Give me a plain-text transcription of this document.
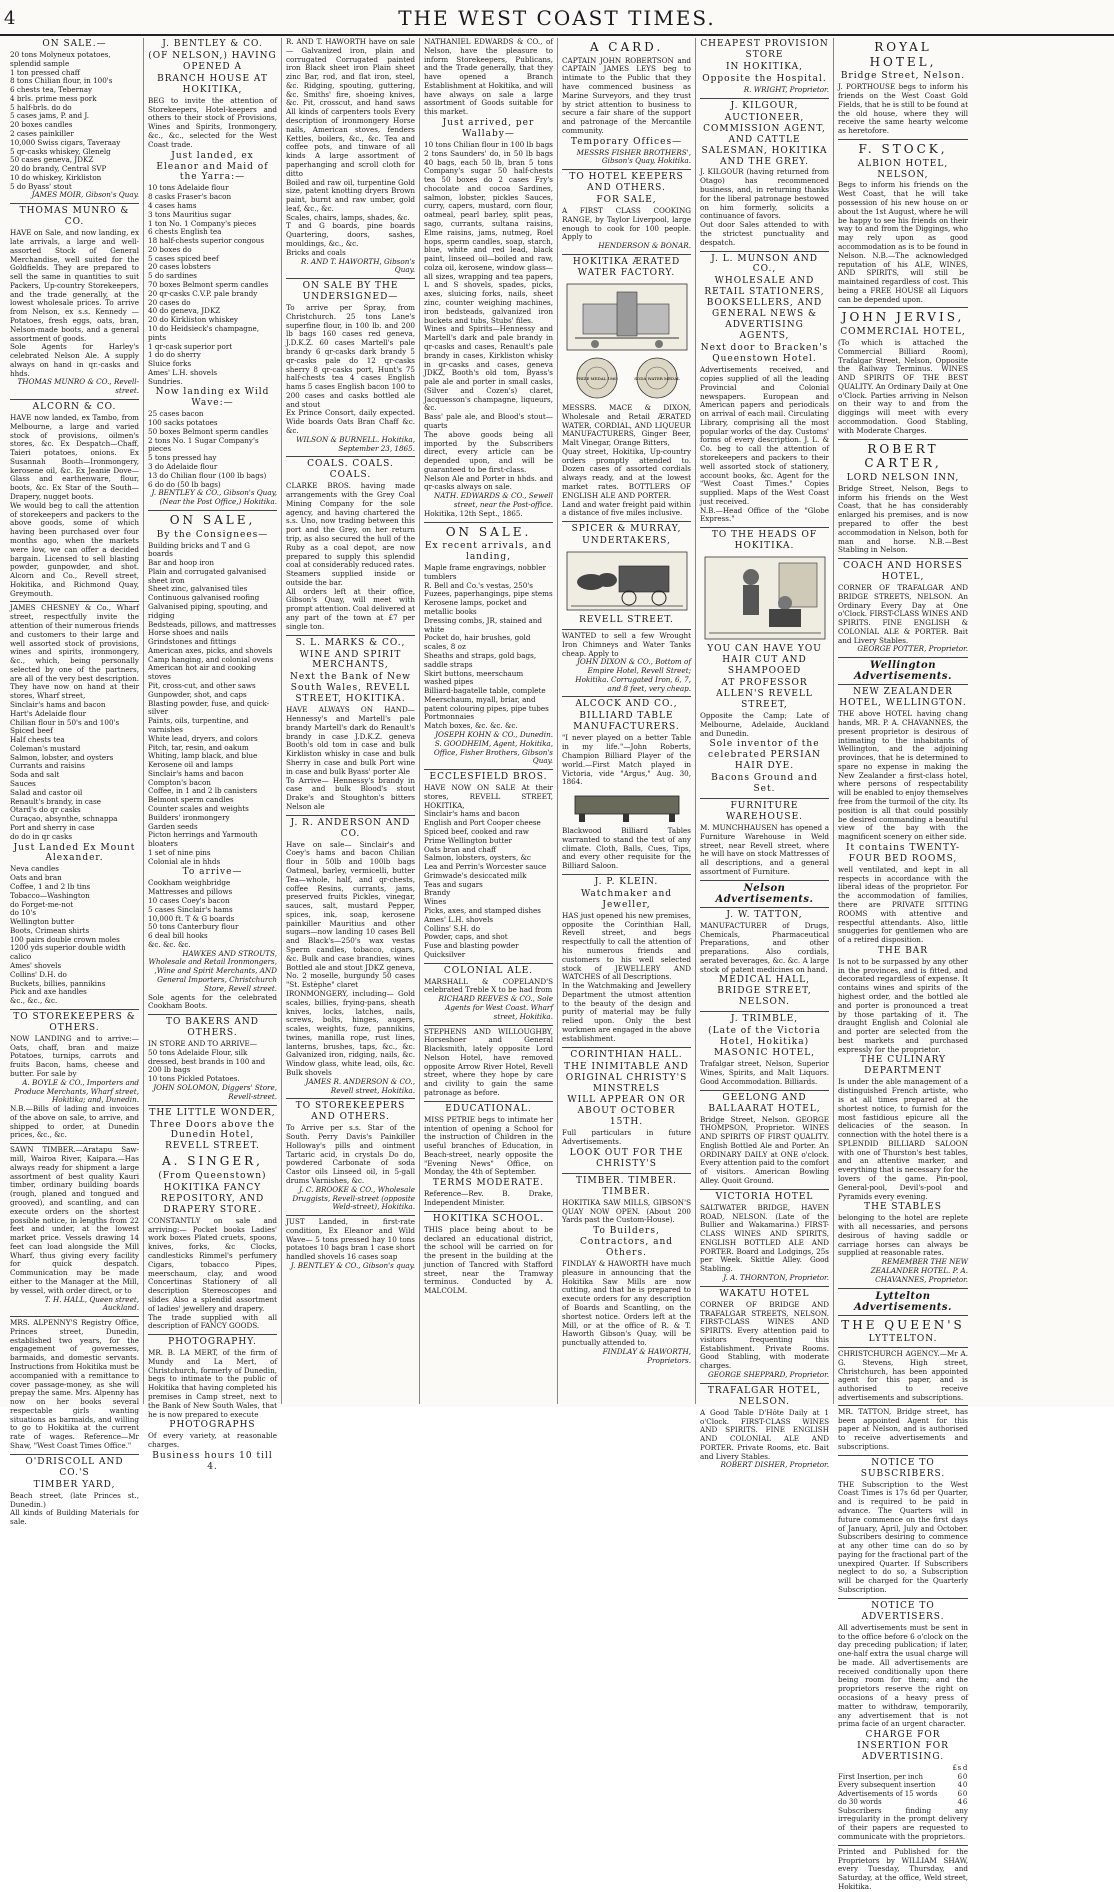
4	THE WEST COAST TIMES.
ON SALE.—
20 tons Molyneux potatoes, splendid sample
1 ton pressed chaff
8 tons Chilian flour, in 100's
6 chests tea, Tebernay
4 brls. prime mess pork
5 half-brls. do do
5 cases jams, P. and J.
20 boxes candles
2 cases painkiller
10,000 Swiss cigars, Taveraay
5 qr-casks whiskey, Glenelg
50 cases geneva, JDKZ
20 do brandy, Central SVP
10 do whiskey, Kirkliston
5 do Byass' stout

JAMES MOIR, Gibson's Quay.

THOMAS MUNRO & CO.

HAVE on Sale, and now landing, ex late arrivals, a large and well-assorted Stock of General Merchandise, well suited for the Goldfields. They are prepared to sell the same in quantities to suit Packers, Up-country Storekeepers, and the trade generally, at the lowest wholesale prices. To arrive from Nelson, ex s.s. Kennedy —Potatoes, fresh eggs, oats, bran, Nelson-made boots, and a general assortment of goods.

Sole Agents for Harley's celebrated Nelson Ale. A supply always on hand in qr.-casks and hhds.

THOMAS MUNRO & CO., Revell-street.

ALCORN & CO.

HAVE now landed, ex Tambo, from Melbourne, a large and varied stock of provisions, oilmen's stores, &c. Ex Despatch—Chaff, Taieri potatoes, onions. Ex Susannah Booth—Ironmongery, kerosene oil, &c. Ex Jeanie Dove—Glass and earthenware, flour, boots, &c. Ex Star of the South—Drapery, nugget boots.

We would beg to call the attention of storekeepers and packers to the above goods, some of which having been purchased over four months ago, when the markets were low, we can offer a decided bargain. Licensed to sell blasting powder, gunpowder, and shot. Alcorn and Co., Revell street, Hokitika, and Richmond Quay, Greymouth.

JAMES CHESNEY & Co., Wharf street, respectfully invite the attention of their numerous friends and customers to their large and well assorted stock of provisions, wines and spirits, ironmongery, &c., which, being personally selected by one of the partners, are all of the very best description. They have now on hand at their stores, Wharf street,

Sinclair's hams and bacon
Hart's Adelaide flour
Chilian flour in 50's and 100's
Spiced beef
Half chests tea
Coleman's mustard
Salmon, lobster, and oysters
Currants and raisins
Soda and salt
Sauces
Salad and castor oil
Renault's brandy, in case
Otard's do qr casks
Curaçao, absynthe, schnappa
Port and sherry in case
do do in qr casks
Just Landed Ex Mount Alexander.
Neva candles
Oats and bran
Coffee, 1 and 2 lb tins
Tobacco—Washington
do Forget-me-not
do 10's
Wellington butter
Boots, Crimean shirts
100 pairs double crown moles
1200 yds superior double width calico
Ames' shovels
Collins' D.H. do
Buckets, billies, pannikins
Pick and axe handles
&c., &c., &c.
TO STOREKEEPERS & OTHERS.

NOW LANDING and to arrive:— Oats, chaff, bran and maize Potatoes, turnips, carrots and fruits Bacon, hams, cheese and butter. For sale by

A. BOYLE & CO., Importers and Produce Merchants, Wharf street, Hokitika; and, Dunedin.

N.B.—Bills of lading and invoices of the above on sale, to arrive, and shipped to order, at Dunedin prices, &c., &c.

SAWN TIMBER.—Aratapu Saw-mill, Wairoa River, Kaipara.—Has always ready for shipment a large assortment of best quality Kauri timber, ordinary building boards (rough, planed and tongued and grooved), and scantling, and can execute orders on the shortest possible notice, in lengths from 22 feet and under, at the lowest market price. Vessels drawing 14 feet can load alongside the Mill Wharf, thus giving every facility for quick despatch. Communication may be made either to the Manager at the Mill, by vessel, with order direct, or to

T. H. HALL, Queen street, Auckland.

MRS. ALPENNY'S Registry Office, Princes street, Dunedin, established two years, for the engagement of governesses, barmaids, and domestic servants. Instructions from Hokitika must be accompanied with a remittance to cover passage-money, as she will prepay the same. Mrs. Alpenny has now on her books several respectable girls wanting situations as barmaids, and willing to go to Hokitika at the current rate of wages. Reference—Mr Shaw, "West Coast Times Office."

O'DRISCOLL AND CO.'S
TIMBER YARD,

Beach street, (late Princes st., Dunedin.)

All kinds of Building Materials for sale.

J. BENTLEY & CO.
(OF NELSON,) HAVING OPENED A
BRANCH HOUSE AT HOKITIKA,

BEG to invite the attention of Storekeepers, Hotel-keepers and others to their stock of Provisions, Wines and Spirits, Ironmongery, &c., &c., selected for the West Coast trade.

Just landed, ex Eleanor and Maid of the Yarra:—
10 tons Adelaide flour
8 casks Fraser's bacon
4 cases hams
3 tons Mauritius sugar
1 ton No. 1 Company's pieces
6 chests English tea
18 half-chests superior congous
20 boxes do
5 cases spiced beef
20 cases lobsters
5 do sardines
70 boxes Belmont sperm candles
20 qr-casks C.V.P. pale brandy
20 cases do
40 do geneva, JDKZ
20 do Kirkliston whiskey
10 do Heidsieck's champagne, pints
1 qr-cask superior port
1 do do sherry
Sluice forks
Ames' L.H. shovels
Sundries.
Now landing ex Wild Wave:—
25 cases bacon
100 sacks potatoes
50 boxes Belmont sperm candles
2 tons No. 1 Sugar Company's pieces
5 tons pressed hay
3 do Adelaide flour
13 do Chilian flour (100 lb bags)
6 do do (50 lb bags)

J. BENTLEY & CO., Gibson's Quay, (Near the Post Office,) Hokitika.

ON SALE,
By the Consignees—
Building bricks and T and G boards
Bar and hoop iron
Plain and corrugated galvanised sheet iron
Sheet zinc, galvanised tiles
Continuous galvanised roofing
Galvanised piping, spouting, and ridging
Bedsteads, pillows, and mattresses
Horse shoes and nails
Grindstones and fittings
American axes, picks, and shovels
Camp hanging, and colonial ovens
American hot air and cooking stoves
Pit, cross-cut, and other saws
Gunpowder, shot, and caps
Blasting powder, fuse, and quick-silver
Paints, oils, turpentine, and varnishes
White lead, dryers, and colors
Pitch, tar, resin, and oakum
Whiting, lamp black, and blue
Kerosene oil and lamps
Sinclair's hams and bacon
Compton's bacon
Coffee, in 1 and 2 lb canisters
Belmont sperm candles
Counter scales and weights
Builders' ironmongery
Garden seeds
Picton herrings and Yarmouth bloaters
1 set of nine pins
Colonial ale in hhds
To arrive—
Cookham weighbridge
Mattresses and pillows
10 cases Coey's bacon
5 cases Sinclair's hams
10,000 ft. T & G boards
50 tons Canterbury flour
6 deal bill hooks
&c. &c. &c.

HAWKES AND STROUTS, Wholesale and Retail Ironmongers, ,Wine and Spirit Merchants, AND General Importers, Christchurch Store, Revell street.

Sole agents for the celebrated Cookham Boots.

TO BAKERS AND OTHERS.

IN STORE AND TO ARRIVE—

50 tons Adelaide Flour, silk dressed, best brands in 100 and 200 lb bags
10 tons Pickled Potatoes.

JOHN SOLOMON, Diggers' Store, Revell-street.

THE LITTLE WONDER,
Three Doors above the Dunedin Hotel, REVELL STREET.
A. SINGER,
(From Queenstown)
HOKITIKA FANCY REPOSITORY, AND DRAPERY STORE.

CONSTANTLY on sale and arriving:— Pocket books Ladies' work boxes Plated cruets, spoons, knives, forks, &c Clocks, candlesticks Rimmel's perfumery Cigars, tobacco Pipes, meerschaum, clay, and wood Concertinas Stationery of all description Stereoscopes and slides Also a splendid assortment of ladies' jewellery and drapery.

The trade supplied with all description of FANCY GOODS.

PHOTOGRAPHY.

MR. B. LA MERT, of the firm of Mundy and La Mert, of Christchurch, formerly of Dunedin, begs to intimate to the public of Hokitika that having completed his premises in Camp street, next to the Bank of New South Wales, that he is now prepared to execute

PHOTOGRAPHS

Of every variety, at reasonable charges.

Business hours 10 till 4.

R. AND T. HAWORTH have on sale— Galvanized iron, plain and corrugated Corrugated painted iron Black sheet iron Plain sheet zinc Bar, rod, and flat iron, steel, &c. Ridging, spouting, guttering, &c. Smiths' fire, shoeing knives, &c. Pit, crosscut, and hand saws All kinds of carpenters tools Every description of ironmongery Horse nails, American stoves, fenders Kettles, boilers, &c., &c. Tea and coffee pots, and tinware of all kinds A large assortment of paperhanging and scroll cloth for ditto

Boiled and raw oil, turpentine Gold size, patent knotting dryers Brown paint, burnt and raw umber, gold leaf, &c., &c.

Scales, chairs, lamps, shades, &c.

T and G boards, pine boards Quartering, doors, sashes, mouldings, &c., &c.

Bricks and coals

R. AND T. HAWORTH, Gibson's Quay.

ON SALE BY THE UNDERSIGNED—

To arrive per Spray, from Christchurch. 25 tons Lane's superfine flour, in 100 lb. and 200 lb bags 160 cases red geneva, J.D.K.Z. 60 cases Martell's pale brandy 6 qr-casks dark brandy 5 qr-casks pale do 12 qr-casks sherry 8 qr-casks port, Hunt's 75 half-chests tea 4 cases English hams 5 cases English bacon 100 to 200 cases and casks bottled ale and stout

Ex Prince Consort, daily expected. Wide boards Oats Bran Chaff &c. &c.

WILSON & BURNELL. Hokitika, September 23, 1865.

COALS. COALS. COALS.

CLARKE BROS. having made arrangements with the Grey Coal Mining Company for the sole agency, and having chartered the s.s. Uno, now trading between this port and the Grey, on her return trip, as also secured the hull of the Ruby as a coal depot, are now prepared to supply this splendid coal at considerably reduced rates.

Steamers supplied inside or outside the bar.

All orders left at their office, Gibson's Quay, will meet with prompt attention. Coal delivered at any part of the town at £7 per single ton.

S. L. MARKS & CO.,
WINE AND SPIRIT MERCHANTS,
Next the Bank of New South Wales, REVELL STREET, HOKITIKA.

HAVE ALWAYS ON HAND— Hennessy's and Martell's pale brandy Martell's dark do Renault's brandy in case J.D.K.Z. geneva Booth's old tom in case and bulk Kirkliston whisky in case and bulk Sherry in case and bulk Port wine in case and bulk Byass' porter Ale

To Arrive— Hennessy's brandy in case and bulk Blood's stout Drake's and Stoughton's bitters Nelson ale

J. R. ANDERSON AND CO.

Have on sale— Sinclair's and Coey's hams and bacon Chilian flour in 50lb and 100lb bags Oatmeal, barley, vermicelli, butter Tea—whole, half, and qr-chests, coffee Resins, currants, jams, preserved fruits Pickles, vinegar, sauces, salt, mustard Pepper, spices, ink, soap, kerosene painkiller Mauritius and other sugars—now landing 10 cases Bell and Black's—250's wax vestas Sperm candles, tobacco, cigars, &c. Bulk and case brandies, wines Bottled ale and stout JDKZ geneva, No. 2 moselle, burgundy 50 cases "St. Estèphe" claret

IRONMONGERY, including— Gold scales, billies, frying-pans, sheath knives, locks, latches, nails, screws, bolts, hinges, augers, scales, weights, fuze, pannikins, twines, manilla rope, rust lines, lanterns, brushes, taps, &c., &c. Galvanized iron, ridging, nails, &c. Window glass, white lead, oils, &c. Bulk shovels

JAMES R. ANDERSON & CO., Revell street, Hokitika.

TO STOREKEEPERS AND OTHERS.

To Arrive per s.s. Star of the South. Perry Davis's Painkiller Holloway's pills and ointment Tartaric acid, in crystals Do do, powdered Carbonate of soda Castor oils Linseed oil, in 5-gall drums Varnishes, &c.

J. C. BROOKE & CO., Wholesale Druggists, Revell-street (opposite Weld-street), Hokitika.

JUST Landed, in first-rate condition, Ex Eleanor and Wild Wave— 5 tons pressed hay 10 tons potatoes 10 bags bran 1 case short handled shovels 16 cases soap

J. BENTLEY & CO., Gibson's quay.

NATHANIEL EDWARDS & CO., of Nelson, have the pleasure to inform Storekeepers, Publicans, and the Trade generally, that they have opened a Branch Establishment at Hokitika, and will have always on sale a large assortment of Goods suitable for this market.

Just arrived, per Wallaby—

10 tons Chilian flour in 100 lb bags 2 tons Saunders' do, in 50 lb bags 40 bags, each 50 lb, bran 5 tons Company's sugar 50 half-chests tea 50 boxes do 2 cases Fry's chocolate and cocoa Sardines, salmon, lobster, pickles Sauces, curry, capers, mustard, corn flour, oatmeal, pearl barley, split peas, sago, currants, sultana raisins, Elme raisins, jams, nutmeg, Roel hops, sperm candles, soap, starch, blue, white and red lead, black paint, linseed oil—boiled and raw, colza oil, kerosene, window glass— all sizes, wrapping and tea papers, L and S shovels, spades, picks, axes, sluicing forks, nails, sheet zinc, counter weighing machines, iron bedsteads, galvanized iron buckets and tubs, Stubs' files.

Wines and Spirits—Hennessy and Martell's dark and pale brandy in qr-casks and cases, Renault's pale brandy in cases, Kirkliston whisky in qr-casks and cases, geneva JDKZ, Booth's old tom, Byass's pale ale and porter in small casks, (Silver and Cozen's) claret, Jacquesson's champagne, liqueurs, &c.

Bass' pale ale, and Blood's stout— quarts

The above goods being all imported by the Subscribers direct, every article can be depended upon, and will be guaranteed to be first-class.

Nelson Ale and Porter in hhds. and qr-casks always on sale.

NATH. EDWARDS & CO., Sewell street, near the Post-office.

Hokitika, 12th Sept., 1865.

ON SALE.
Ex recent arrivals, and landing,
Maple frame engravings, nobbler tumblers
R. Bell and Co.'s vestas, 250's
Fuzees, paperhangings, pipe stems
Kerosene lamps, pocket and metallic books
Dressing combs, JR, stained and white
Pocket do, hair brushes, gold scales, 8 oz
Sheaths and straps, gold bags, saddle straps
Skirt buttons, meerschaum washed pipes
Billiard-bagatelle table, complete
Meerschaum, myall, briar, and patent colouring pipes, pipe tubes
Portmonnaies
Match boxes, &c. &c. &c.

JOSEPH KOHN & CO., Dunedin.

S. GOODHEIM, Agent, Hokitika, Office, Fisher Brothers, Gibson's Quay.

ECCLESFIELD BROS.

HAVE NOW ON SALE At their stores, REVELL STREET, HOKITIKA,

Sinclair's hams and bacon
English and Port Cooper cheese
Spiced beef, cooked and raw
Prime Wellington butter
Oats bran and chaff
Salmon, lobsters, oysters, &c
Lea and Perrin's Worcester sauce
Grimwade's desiccated milk
Teas and sugars
Brandy
Wines
Picks, axes, and stamped dishes
Ames' L.H. shovels
Collins' S.H. do
Powder, caps, and shot
Fuse and blasting powder
Quicksilver
COLONIAL ALE.

MARSHALL & COPELAND'S celebrated Treble X to be had from

RICHARD REEVES & CO., Sole Agents for West Coast. Wharf street, Hokitika.

STEPHENS AND WILLOUGHBY, Horseshoer and General Blacksmith, lately opposite Lord Nelson Hotel, have removed opposite Arrow River Hotel, Revell street, where they hope by care and civility to gain the same patronage as before.

EDUCATIONAL.

MISS PETRIE begs to intimate her intention of opening a School for the instruction of Children in the useful branches of Education, in Beach-street, nearly opposite the "Evening News" Office, on Monday, the 4th of September.

TERMS MODERATE.

Reference—Rev. B. Drake, Independent Minister.

HOKITIKA SCHOOL.

THIS place being about to be declared an educational district, the school will be carried on for the present in the building at the junction of Tancred with Stafford street, near the Tramway terminus. Conducted by A. MALCOLM.

A CARD.

CAPTAIN JOHN ROBERTSON and CAPTAIN JAMES LEYS beg to intimate to the Public that they have commenced business as Marine Surveyors, and they trust by strict attention to business to secure a fair share of the support and patronage of the Mercantile community.

Temporary Offices—

MESSRS FISHER BROTHERS', Gibson's Quay, Hokitika.

TO HOTEL KEEPERS AND OTHERS.
FOR SALE,

A FIRST CLASS COOKING RANGE, by Taylor Liverpool, large enough to cook for 100 people. Apply to

HENDERSON & BONAR.

HOKITIKA ÆRATED WATER FACTORY.
PRIZE MEDAL 1865	SODA WATER MEDAL

MESSRS. MACE & DIXON, Wholesale and Retail ÆRATED WATER, CORDIAL, AND LIQUEUR MANUFACTURERS, Ginger Beer, Malt Vinegar, Orange Bitters,

Quay street, Hokitika, Up-country orders promptly attended to. Dozen cases of assorted cordials always ready, and at the lowest market rates. BOTTLERS OF ENGLISH ALE AND PORTER.

Land and water freight paid within a distance of five miles inclusive.

SPICER & MURRAY,
UNDERTAKERS,
REVELL STREET.

WANTED to sell a few Wrought Iron Chimneys and Water Tanks cheap. Apply to

JOHN DIXON & CO., Bottom of Empire Hotel, Revell Street; Hokitika. Corrugated Iron, 6, 7, and 8 feet, very cheap.

ALCOCK AND CO.,
BILLIARD TABLE MANUFACTURERS.

"I never played on a better Table in my life."—John Roberts, Champion Billiard Player of the world.—First Match played in Victoria, vide "Argus," Aug. 30, 1864.

Blackwood Billiard Tables warranted to stand the test of any climate. Cloth, Balls, Cues, Tips, and every other requisite for the Billiard Saloon.

J. P. KLEIN.
Watchmaker and Jeweller,

HAS just opened his new premises, opposite the Corinthian Hall, Revell street, and begs respectfully to call the attention of his numerous friends and customers to his well selected stock of JEWELLERY AND WATCHES of all Descriptions.

In the Watchmaking and Jewellery Department the utmost attention to the beauty of the design and purity of material may be fully relied upon. Only the best workmen are engaged in the above establishment.

CORINTHIAN HALL.

THE INIMITABLE AND ORIGINAL CHRISTY'S MINSTRELS

WILL APPEAR ON OR ABOUT OCTOBER 15TH.

Full particulars in future Advertisements.

LOOK OUT FOR THE CHRISTY'S

TIMBER. TIMBER. TIMBER.

HOKITIKA SAW MILLS, GIBSON'S QUAY NOW OPEN. (About 200 Yards past the Custom-House).

To Builders, Contractors, and Others.

FINDLAY & HAWORTH have much pleasure in announcing that the Hokitika Saw Mills are now cutting, and that he is prepared to execute orders for any description of Boards and Scantling, on the shortest notice. Orders left at the Mill, or at the office of R. & T. Haworth Gibson's Quay, will be punctually attended to.

FINDLAY & HAWORTH, Proprietors.

CHEAPEST PROVISION STORE
IN HOKITIKA,
Opposite the Hospital.

R. WRIGHT, Proprietor.

J. KILGOUR,
AUCTIONEER, COMMISSION AGENT, AND CATTLE SALESMAN, HOKITIKA AND THE GREY.

J. KILGOUR (having returned from Otago) has recommenced business, and, in returning thanks for the liberal patronage bestowed on him formerly, solicits a continuance of favors.

Out door Sales attended to with the strictest punctuality and despatch.

J. L. MUNSON AND CO.,
WHOLESALE AND RETAIL STATIONERS, BOOKSELLERS, AND GENERAL NEWS & ADVERTISING AGENTS,
Next door to Bracken's Queenstown Hotel.

Advertisements received, and copies supplied of all the leading Provincial and Colonial newspapers. European and American papers and periodicals on arrival of each mail. Circulating Library, comprising all the most popular works of the day. Customs' forms of every description. J. L. & Co. beg to call the attention of storekeepers and packers to their well assorted stock of stationery, account books, &c. Agent for the "West Coast Times." Copies supplied. Maps of the West Coast just received.

N.B.—Head Office of the "Globe Express."

TO THE HEADS OF HOKITIKA.

YOU CAN HAVE YOU HAIR CUT AND SHAMPOOED

AT PROFESSOR ALLEN'S REVELL STREET,

Opposite the Camp; Late of Melbourne, Adelaide, Auckland and Dunedin.

Sole inventor of the celebrated PERSIAN HAIR DYE.

Bacons Ground and Set.

FURNITURE WAREHOUSE.

M. MUNCHHAUSEN has opened a Furniture Warehouse in Weld street, near Revell street, where he will have on stock Mattresses of all descriptions, and a general assortment of Furniture.

Nelson Advertisements.
J. W. TATTON,

MANUFACTURER of Drugs, Chemicals, Pharmaceutical Preparations, and other preparations. Also cordials, aerated beverages, &c. &c. A large stock of patent medicines on hand.

MEDICAL HALL, BRIDGE STREET, NELSON.
J. TRIMBLE,
(Late of the Victoria Hotel, Hokitika) MASONIC HOTEL,

Trafalgar street, Nelson, Superior Wines, Spirits, and Malt Liquors. Good Accommodation. Billiards.

GEELONG AND BALLAARAT HOTEL,

Bridge Street, Nelson. GEORGE THOMPSON, Proprietor. WINES AND SPIRITS OF FIRST QUALITY. English Bottled Ale and Porter. An ORDINARY DAILY at ONE o'clock. Every attention paid to the comfort of visitors. American Bowling Alley. Quoit Ground.

VICTORIA HOTEL

SALTWATER BRIDGE, HAVEN ROAD, NELSON. (Late of the Bullier and Wakamarina.) FIRST-CLASS WINES AND SPIRITS, ENGLISH BOTTLED ALE AND PORTER. Board and Lodgings, 25s per Week. Skittle Alley. Good Stabling.

J. A. THORNTON, Proprietor.

WAKATU HOTEL

CORNER OF BRIDGE AND TRAFALGAR STREETS, NELSON. FIRST-CLASS WINES AND SPIRITS. Every attention paid to visitors frequenting this Establishment. Private Rooms. Good Stabling, with moderate charges.

GEORGE SHEPPARD, Proprietor.

TRAFALGAR HOTEL, NELSON.

A Good Table D'Hôte Daily at 1 o'Clock. FIRST-CLASS WINES AND SPIRITS. FINE ENGLISH AND COLONIAL ALE AND PORTER. Private Rooms, etc. Bait and Livery Stables.

ROBERT DISHER, Proprietor.

ROYAL HOTEL,
Bridge Street, Nelson.

J. PORTHOUSE begs to inform his friends on the West Coast Gold Fields, that he is still to be found at the old house, where they will receive the same hearty welcome as heretofore.

F. STOCK,
ALBION HOTEL, NELSON,

Begs to inform his friends on the West Coast, that he will take possession of his new house on or about the 1st August, where he will be happy to see his friends on their way to and from the Diggings, who may rely upon as good accommodation as is to be found in Nelson. N.B.—The acknowledged reputation of his ALE, WINES, AND SPIRITS, will still be maintained regardless of cost. This being a FREE HOUSE all Liquors can be depended upon.

JOHN JERVIS,
COMMERCIAL HOTEL,

(To which is attached the Commercial Billiard Room), Trafalgar Street, Nelson, Opposite the Railway Terminus. WINES AND SPIRITS OF THE BEST QUALITY. An Ordinary Daily at One o'Clock. Parties arriving in Nelson on their way to and from the diggings will meet with every accommodation. Good Stabling, with Moderate Charges.

ROBERT CARTER,
LORD NELSON INN,

Bridge Street, Nelson, Begs to inform his friends on the West Coast, that he has considerably enlarged his premises, and is now prepared to offer the best accommodation in Nelson, both for man and horse. N.B.—Best Stabling in Nelson.

COACH AND HORSES HOTEL,

CORNER OF TRAFALGAR AND BRIDGE STREETS, NELSON. An Ordinary Every Day at One o'Clock. FIRST-CLASS WINES AND SPIRITS. FINE ENGLISH & COLONIAL ALE & PORTER. Bait and Livery Stables.

GEORGE POTTER, Proprietor.

Wellington Advertisements.
NEW ZEALANDER HOTEL, WELLINGTON.

THE above HOTEL having chang hands, MR. P. A. CHAVANNES, the present proprietor is desirous of intimating to the inhabitants of Wellington, and the adjoining provinces, that he is determined to spare no expense in making the New Zealander a first-class hotel, where persons of respectability will be enabled to enjoy themselves free from the turmoil of the city. Its position is all that could possibly be desired commanding a beautiful view of the bay with the magnificent scenery on either side.

It contains TWENTY-FOUR BED ROOMS,

well ventilated, and kept in all respects in accordance with the liberal ideas of the proprietor. For the accommodation of families, there are PRIVATE SITTING ROOMS with attentive and respectful attendants. Also, little snuggeries for gentlemen who are of a retired disposition.

THE BAR

Is not to be surpassed by any other in the provinces, and is fitted, and decorated regardless of expense. It contains wines and spirits of the highest order, and the bottled ale and porter is pronounced a treat by those partaking of it. The draught English and Colonial ale and porter are selected from the best markets and purchased expressly for the proprietor.

THE CULINARY DEPARTMENT

Is under the able management of a distinguished French artiste, who is at all times prepared at the shortest notice, to furnish for the most fastidious epicure all the delicacies of the season. In connection with the hotel there is a SPLENDID BILLIARD SALOON with one of Thurston's best tables, and an attentive marker, and everything that is necessary for the lovers of the game. Pin-pool, General-pool, Devil's-pool and Pyramids every evening.

THE STABLES

belonging to the hotel are replete with all necessaries, and persons desirous of having saddle or carriage horses can always be supplied at reasonable rates.

REMEMBER THE NEW ZEALANDER HOTEL. P. A. CHAVANNES, Proprietor.

Lyttelton Advertisements.
THE QUEEN'S
LYTTELTON.

CHRISTCHURCH AGENCY.—Mr A. G. Stevens, High street, Christchurch, has been appointed agent for this paper, and is authorised to receive advertisements and subscriptions.

MR. TATTON, Bridge street, has been appointed Agent for this paper at Nelson, and is authorised to receive advertisements and subscriptions.

NOTICE TO SUBSCRIBERS.

THE Subscription to the West Coast Times is 17s 6d per Quarter, and is required to be paid in advance. The Quarters will in future commence on the first days of January, April, July and October. Subscribers desiring to commence at any other time can do so by paying for the fractional part of the unexpired Quarter. If Subscribers neglect to do so, a Subscription will be charged for the Quarterly Subscription.

NOTICE TO ADVERTISERS.

All advertisements must be sent in to the office before 6 o'clock on the day preceding publication; if later, one-half extra the usual charge will be made. All advertisements are received conditionally upon there being room for them; and the proprietors reserve the right on occasions of a heavy press of matter to withdraw, temporarily, any advertisement that is not prima facie of an urgent character.

CHARGE FOR INSERTION FOR ADVERTISING.
	£	s	d
First Insertion, per inch		6	0
Every subsequent insertion		4	0
Advertisements of 15 words		6	0
do 30 words		4	6

Subscribers finding any irregularity in the prompt delivery of their papers are requested to communicate with the proprietors.

Printed and Published for the Proprietors by WILLIAM SHAW, every Tuesday, Thursday, and Saturday, at the office, Weld street, Hokitika.
